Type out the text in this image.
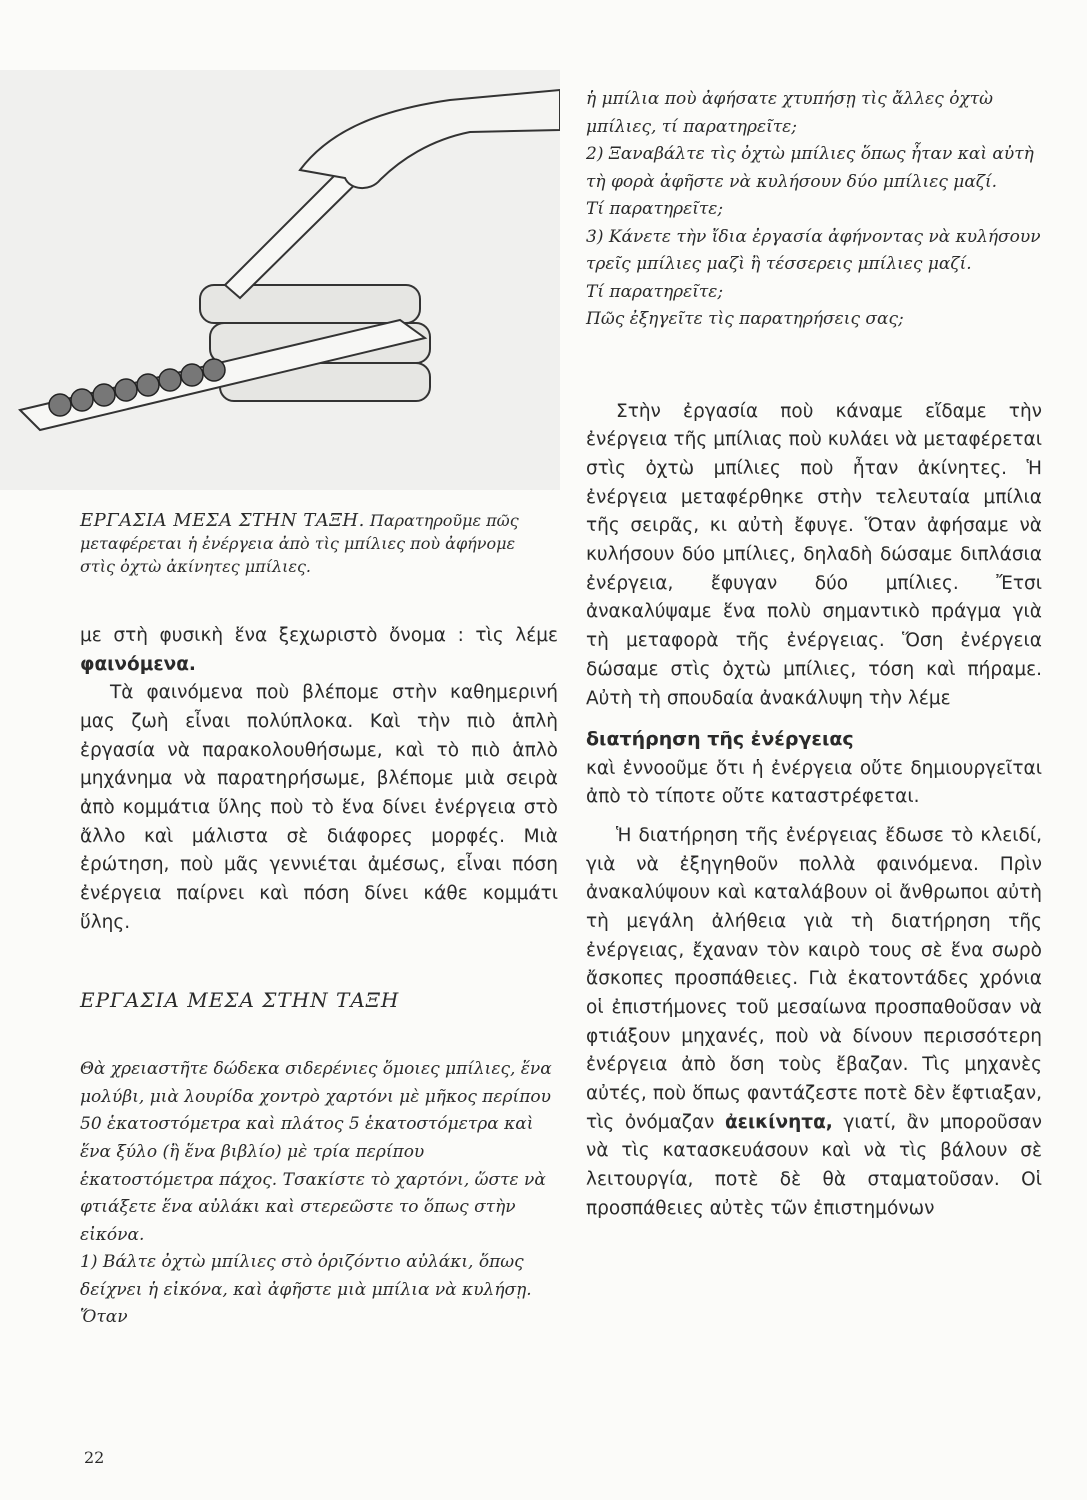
ΕΡΓΑΣΙΑ ΜΕΣΑ ΣΤΗΝ ΤΑΞΗ. Παρατηροῦμε πῶς μεταφέρεται ἡ ἐνέργεια ἀπὸ τὶς μπίλιες ποὺ ἀφήνομε στὶς ὀχτὼ ἀκίνητες μπίλιες.

με στὴ φυσικὴ ἕνα ξεχωριστὸ ὄνομα : τὶς λέμε φαινόμενα.

Τὰ φαινόμενα ποὺ βλέπομε στὴν καθημερινή μας ζωὴ εἶναι πολύπλοκα. Καὶ τὴν πιὸ ἁπλὴ ἐργασία νὰ παρακολουθήσωμε, καὶ τὸ πιὸ ἁπλὸ μηχάνημα νὰ παρατηρήσωμε, βλέπομε μιὰ σειρὰ ἀπὸ κομμάτια ὕλης ποὺ τὸ ἕνα δίνει ἐνέργεια στὸ ἄλλο καὶ μάλιστα σὲ διάφορες μορφές. Μιὰ ἐρώτηση, ποὺ μᾶς γεννιέται ἀμέσως, εἶναι πόση ἐνέργεια παίρνει καὶ πόση δίνει κάθε κομμάτι ὕλης.

ΕΡΓΑΣΙΑ ΜΕΣΑ ΣΤΗΝ ΤΑΞΗ

Θὰ χρειαστῆτε δώδεκα σιδερένιες ὅμοιες μπίλιες, ἕνα μολύβι, μιὰ λουρίδα χοντρὸ χαρτόνι μὲ μῆκος περίπου 50 ἑκατοστόμετρα καὶ πλάτος 5 ἑκατοστόμετρα καὶ ἕνα ξύλο (ἢ ἕνα βιβλίο) μὲ τρία περίπου ἑκατοστόμετρα πάχος. Τσακίστε τὸ χαρτόνι, ὥστε νὰ φτιάξετε ἕνα αὐλάκι καὶ στερεῶστε το ὅπως στὴν εἰκόνα.

1) Βάλτε ὀχτὼ μπίλιες στὸ ὁριζόντιο αὐλάκι, ὅπως δείχνει ἡ εἰκόνα, καὶ ἀφῆστε μιὰ μπίλια νὰ κυλήσῃ. Ὅταν

ἡ μπίλια ποὺ ἀφήσατε χτυπήσῃ τὶς ἄλλες ὀχτὼ μπίλιες, τί παρατηρεῖτε;

2) Ξαναβάλτε τὶς ὀχτὼ μπίλιες ὅπως ἦταν καὶ αὐτὴ τὴ φορὰ ἀφῆστε νὰ κυλήσουν δύο μπίλιες μαζί.

Τί παρατηρεῖτε;

3) Κάνετε τὴν ἴδια ἐργασία ἀφήνοντας νὰ κυλήσουν τρεῖς μπίλιες μαζὶ ἢ τέσσερεις μπίλιες μαζί.

Τί παρατηρεῖτε;

Πῶς ἐξηγεῖτε τὶς παρατηρήσεις σας;

Στὴν ἐργασία ποὺ κάναμε εἴδαμε τὴν ἐνέργεια τῆς μπίλιας ποὺ κυλάει νὰ μεταφέρεται στὶς ὀχτὼ μπίλιες ποὺ ἦταν ἀκίνητες. Ἡ ἐνέργεια μεταφέρθηκε στὴν τελευταία μπίλια τῆς σειρᾶς, κι αὐτὴ ἔφυγε. Ὅταν ἀφήσαμε νὰ κυλήσουν δύο μπίλιες, δηλαδὴ δώσαμε διπλάσια ἐνέργεια, ἔφυγαν δύο μπίλιες. Ἔτσι ἀνακαλύψαμε ἕνα πολὺ σημαντικὸ πράγμα γιὰ τὴ μεταφορὰ τῆς ἐνέργειας. Ὅση ἐνέργεια δώσαμε στὶς ὀχτὼ μπίλιες, τόση καὶ πήραμε. Αὐτὴ τὴ σπουδαία ἀνακάλυψη τὴν λέμε

διατήρηση τῆς ἐνέργειας

καὶ ἐννοοῦμε ὅτι ἡ ἐνέργεια οὔτε δημιουργεῖται ἀπὸ τὸ τίποτε οὔτε καταστρέφεται.

Ἡ διατήρηση τῆς ἐνέργειας ἔδωσε τὸ κλειδί, γιὰ νὰ ἐξηγηθοῦν πολλὰ φαινόμενα. Πρὶν ἀνακαλύψουν καὶ καταλάβουν οἱ ἄνθρωποι αὐτὴ τὴ μεγάλη ἀλήθεια γιὰ τὴ διατήρηση τῆς ἐνέργειας, ἔχαναν τὸν καιρὸ τους σὲ ἕνα σωρὸ ἄσκοπες προσπάθειες. Γιὰ ἑκατοντάδες χρόνια οἱ ἐπιστήμονες τοῦ μεσαίωνα προσπαθοῦσαν νὰ φτιάξουν μηχανές, ποὺ νὰ δίνουν περισσότερη ἐνέργεια ἀπὸ ὅση τοὺς ἔβαζαν. Τὶς μηχανὲς αὐτές, ποὺ ὅπως φαντάζεστε ποτὲ δὲν ἔφτιαξαν, τὶς ὀνόμαζαν ἀεικίνητα, γιατί, ἂν μποροῦσαν νὰ τὶς κατασκευάσουν καὶ νὰ τὶς βάλουν σὲ λειτουργία, ποτὲ δὲ θὰ σταματοῦσαν. Οἱ προσπάθειες αὐτὲς τῶν ἐπιστημόνων

22
